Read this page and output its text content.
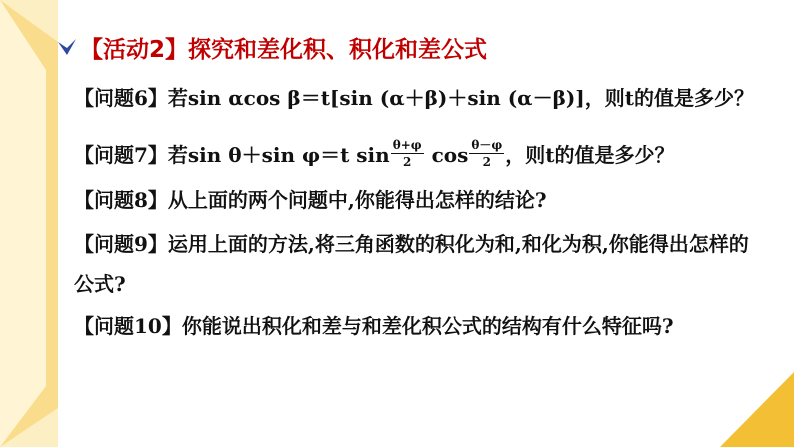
【活动2】探究和差化积、积化和差公式
【问题6】若sin αcos β＝t[sin (α＋β)＋sin (α－β)]，则t的值是多少？
【问题7】若sin θ＋sin φ＝t $\sin \frac{\theta+\varphi}{2}$ $\cos \frac{\theta-\varphi}{2}$ ，则t的值是多少？
【问题8】从上面的两个问题中,你能得出怎样的结论?
【问题9】运用上面的方法,将三角函数的积化为和,和化为积,你能得出怎样的公式?
【问题10】你能说出积化和差与和差化积公式的结构有什么特征吗?
